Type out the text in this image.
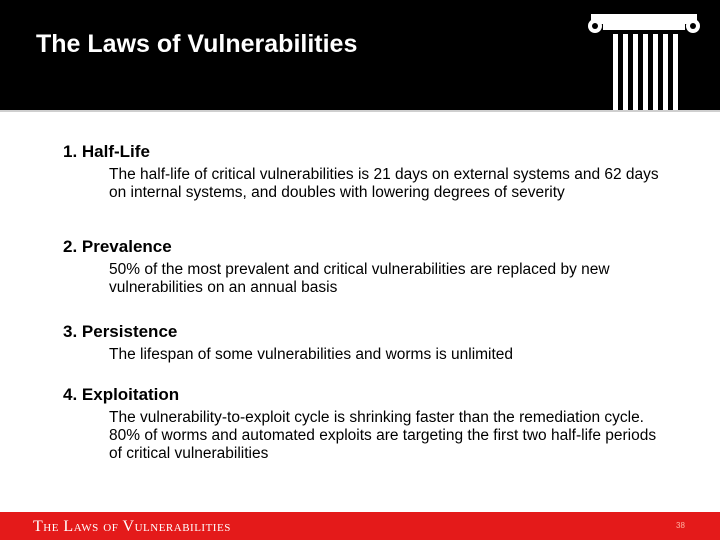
The Laws of Vulnerabilities
1. Half-Life
The half-life of critical vulnerabilities is 21 days on external systems and 62 days on internal systems, and doubles with lowering degrees of severity
2. Prevalence
50% of the most prevalent and critical vulnerabilities are replaced by new vulnerabilities on an annual basis
3. Persistence
The lifespan of some vulnerabilities and worms is unlimited
4. Exploitation
The vulnerability-to-exploit cycle is shrinking faster than the remediation cycle. 80% of worms and automated exploits are targeting the first two half-life periods of critical vulnerabilities
The Laws of Vulnerabilities	38
